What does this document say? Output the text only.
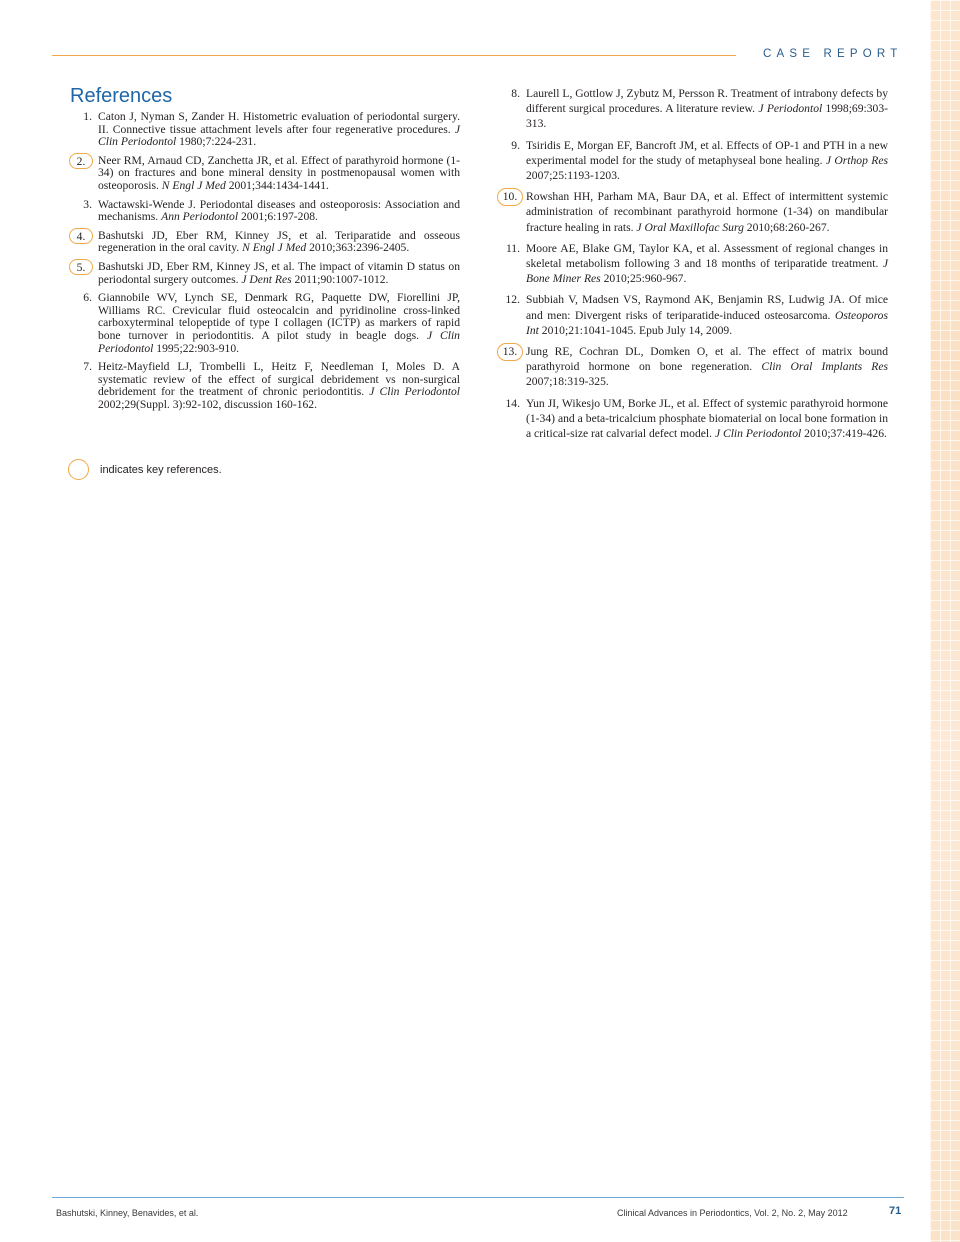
CASE REPORT
References
1. Caton J, Nyman S, Zander H. Histometric evaluation of periodontal surgery. II. Connective tissue attachment levels after four regenerative procedures. J Clin Periodontol 1980;7:224-231.
2.	Neer RM, Arnaud CD, Zanchetta JR, et al. Effect of parathyroid hormone (1-34) on fractures and bone mineral density in postmenopausal women with osteoporosis. N Engl J Med 2001;344:1434-1441.
3. Wactawski-Wende J. Periodontal diseases and osteoporosis: Association and mechanisms. Ann Periodontol 2001;6:197-208.
4.	Bashutski JD, Eber RM, Kinney JS, et al. Teriparatide and osseous regeneration in the oral cavity. N Engl J Med 2010;363:2396-2405.
5.	Bashutski JD, Eber RM, Kinney JS, et al. The impact of vitamin D status on periodontal surgery outcomes. J Dent Res 2011;90:1007-1012.
6. Giannobile WV, Lynch SE, Denmark RG, Paquette DW, Fiorellini JP, Williams RC. Crevicular fluid osteocalcin and pyridinoline cross-linked carboxyterminal telopeptide of type I collagen (ICTP) as markers of rapid bone turnover in periodontitis. A pilot study in beagle dogs. J Clin Periodontol 1995;22:903-910.
7. Heitz-Mayfield LJ, Trombelli L, Heitz F, Needleman I, Moles D. A systematic review of the effect of surgical debridement vs non-surgical debridement for the treatment of chronic periodontitis. J Clin Periodontol 2002;29(Suppl. 3):92-102, discussion 160-162.
8. Laurell L, Gottlow J, Zybutz M, Persson R. Treatment of intrabony defects by different surgical procedures. A literature review. J Periodontol 1998;69:303-313.
9. Tsiridis E, Morgan EF, Bancroft JM, et al. Effects of OP-1 and PTH in a new experimental model for the study of metaphyseal bone healing. J Orthop Res 2007;25:1193-1203.
10. Rowshan HH, Parham MA, Baur DA, et al. Effect of intermittent systemic administration of recombinant parathyroid hormone (1-34) on mandibular fracture healing in rats. J Oral Maxillofac Surg 2010;68:260-267.
11. Moore AE, Blake GM, Taylor KA, et al. Assessment of regional changes in skeletal metabolism following 3 and 18 months of teriparatide treatment. J Bone Miner Res 2010;25:960-967.
12. Subbiah V, Madsen VS, Raymond AK, Benjamin RS, Ludwig JA. Of mice and men: Divergent risks of teriparatide-induced osteosarcoma. Osteoporos Int 2010;21:1041-1045. Epub July 14, 2009.
13. Jung RE, Cochran DL, Domken O, et al. The effect of matrix bound parathyroid hormone on bone regeneration. Clin Oral Implants Res 2007;18:319-325.
14. Yun JI, Wikesjo UM, Borke JL, et al. Effect of systemic parathyroid hormone (1-34) and a beta-tricalcium phosphate biomaterial on local bone formation in a critical-size rat calvarial defect model. J Clin Periodontol 2010;37:419-426.
indicates key references.
Bashutski, Kinney, Benavides, et al.	Clinical Advances in Periodontics, Vol. 2, No. 2, May 2012	71
